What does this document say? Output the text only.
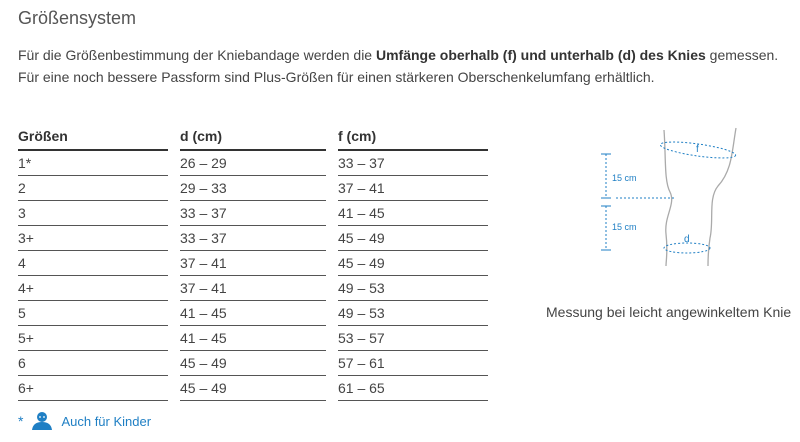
Größensystem
Für die Größenbestimmung der Kniebandage werden die Umfänge oberhalb (f) und unterhalb (d) des Knies gemessen. Für eine noch bessere Passform sind Plus-Größen für einen stärkeren Oberschenkelumfang erhältlich.
Größen		d (cm)		f (cm)
1*		26 – 29		33 – 37
2		29 – 33		37 – 41
3		33 – 37		41 – 45
3+		33 – 37		45 – 49
4		37 – 41		45 – 49
4+		37 – 41		49 – 53
5		41 – 45		49 – 53
5+		41 – 45		53 – 57
6		45 – 49		57 – 61
6+		45 – 49		61 – 65
*	Auch für Kinder
15 cm
15 cm
f
d
Messung bei leicht angewinkeltem Knie
